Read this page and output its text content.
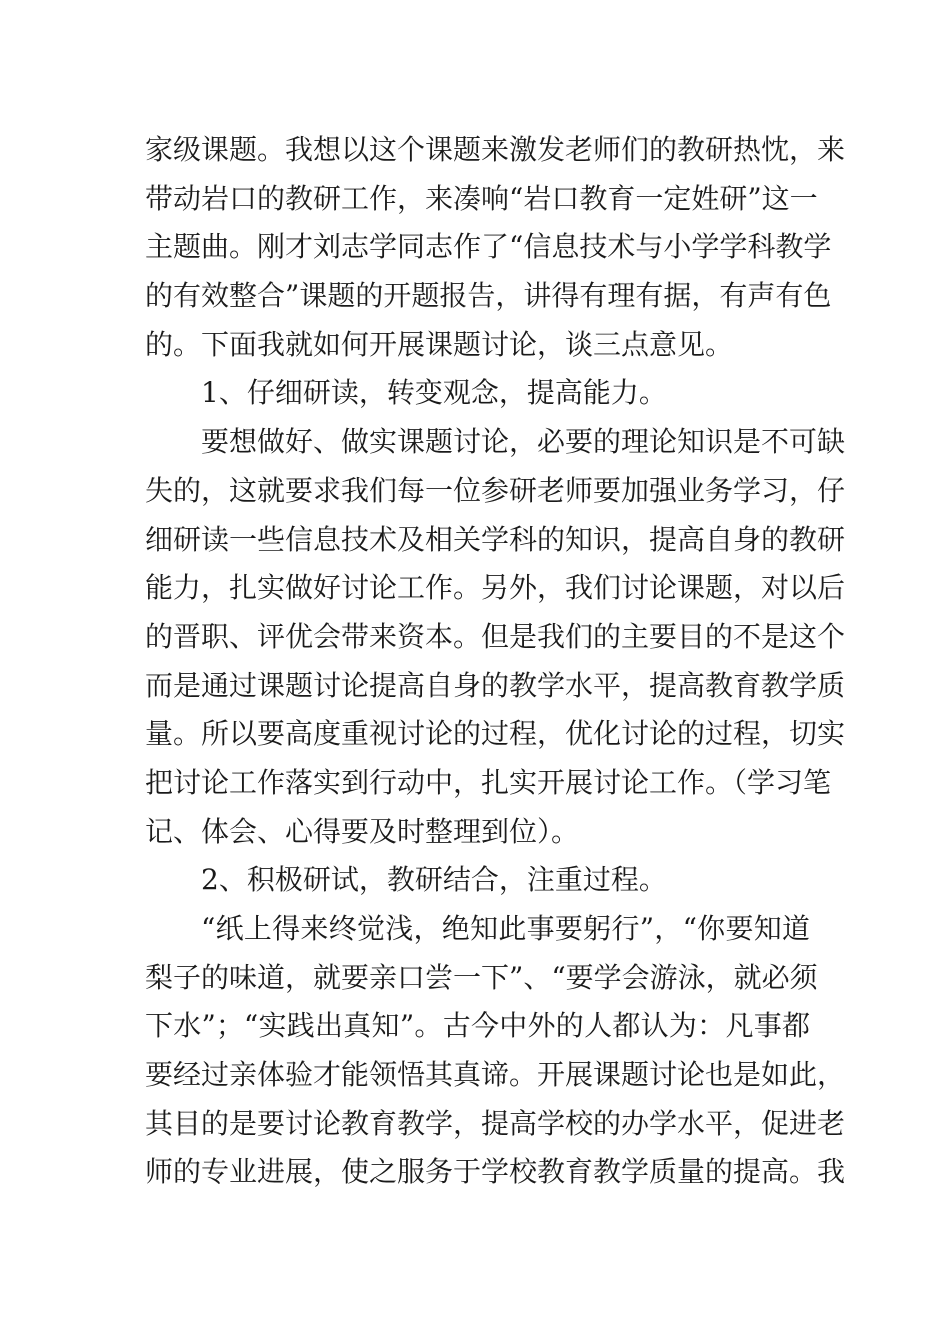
家级课题。我想以这个课题来激发老师们的教研热忱，来
带动岩口的教研工作，来凑响“岩口教育一定姓研”这一
主题曲。刚才刘志学同志作了“信息技术与小学学科教学
的有效整合”课题的开题报告，讲得有理有据，有声有色
的。下面我就如何开展课题讨论，谈三点意见。
1、仔细研读，转变观念，提高能力。
要想做好、做实课题讨论，必要的理论知识是不可缺
失的，这就要求我们每一位参研老师要加强业务学习，仔
细研读一些信息技术及相关学科的知识，提高自身的教研
能力，扎实做好讨论工作。另外，我们讨论课题，对以后
的晋职、评优会带来资本。但是我们的主要目的不是这个
而是通过课题讨论提高自身的教学水平，提高教育教学质
量。所以要高度重视讨论的过程，优化讨论的过程，切实
把讨论工作落实到行动中，扎实开展讨论工作。（学习笔
记、体会、心得要及时整理到位）。
2、积极研试，教研结合，注重过程。
“纸上得来终觉浅，绝知此事要躬行”，“你要知道
梨子的味道，就要亲口尝一下”、“要学会游泳，就必须
下水”；“实践出真知”。古今中外的人都认为：凡事都
要经过亲体验才能领悟其真谛。开展课题讨论也是如此，
其目的是要讨论教育教学，提高学校的办学水平，促进老
师的专业进展，使之服务于学校教育教学质量的提高。我
